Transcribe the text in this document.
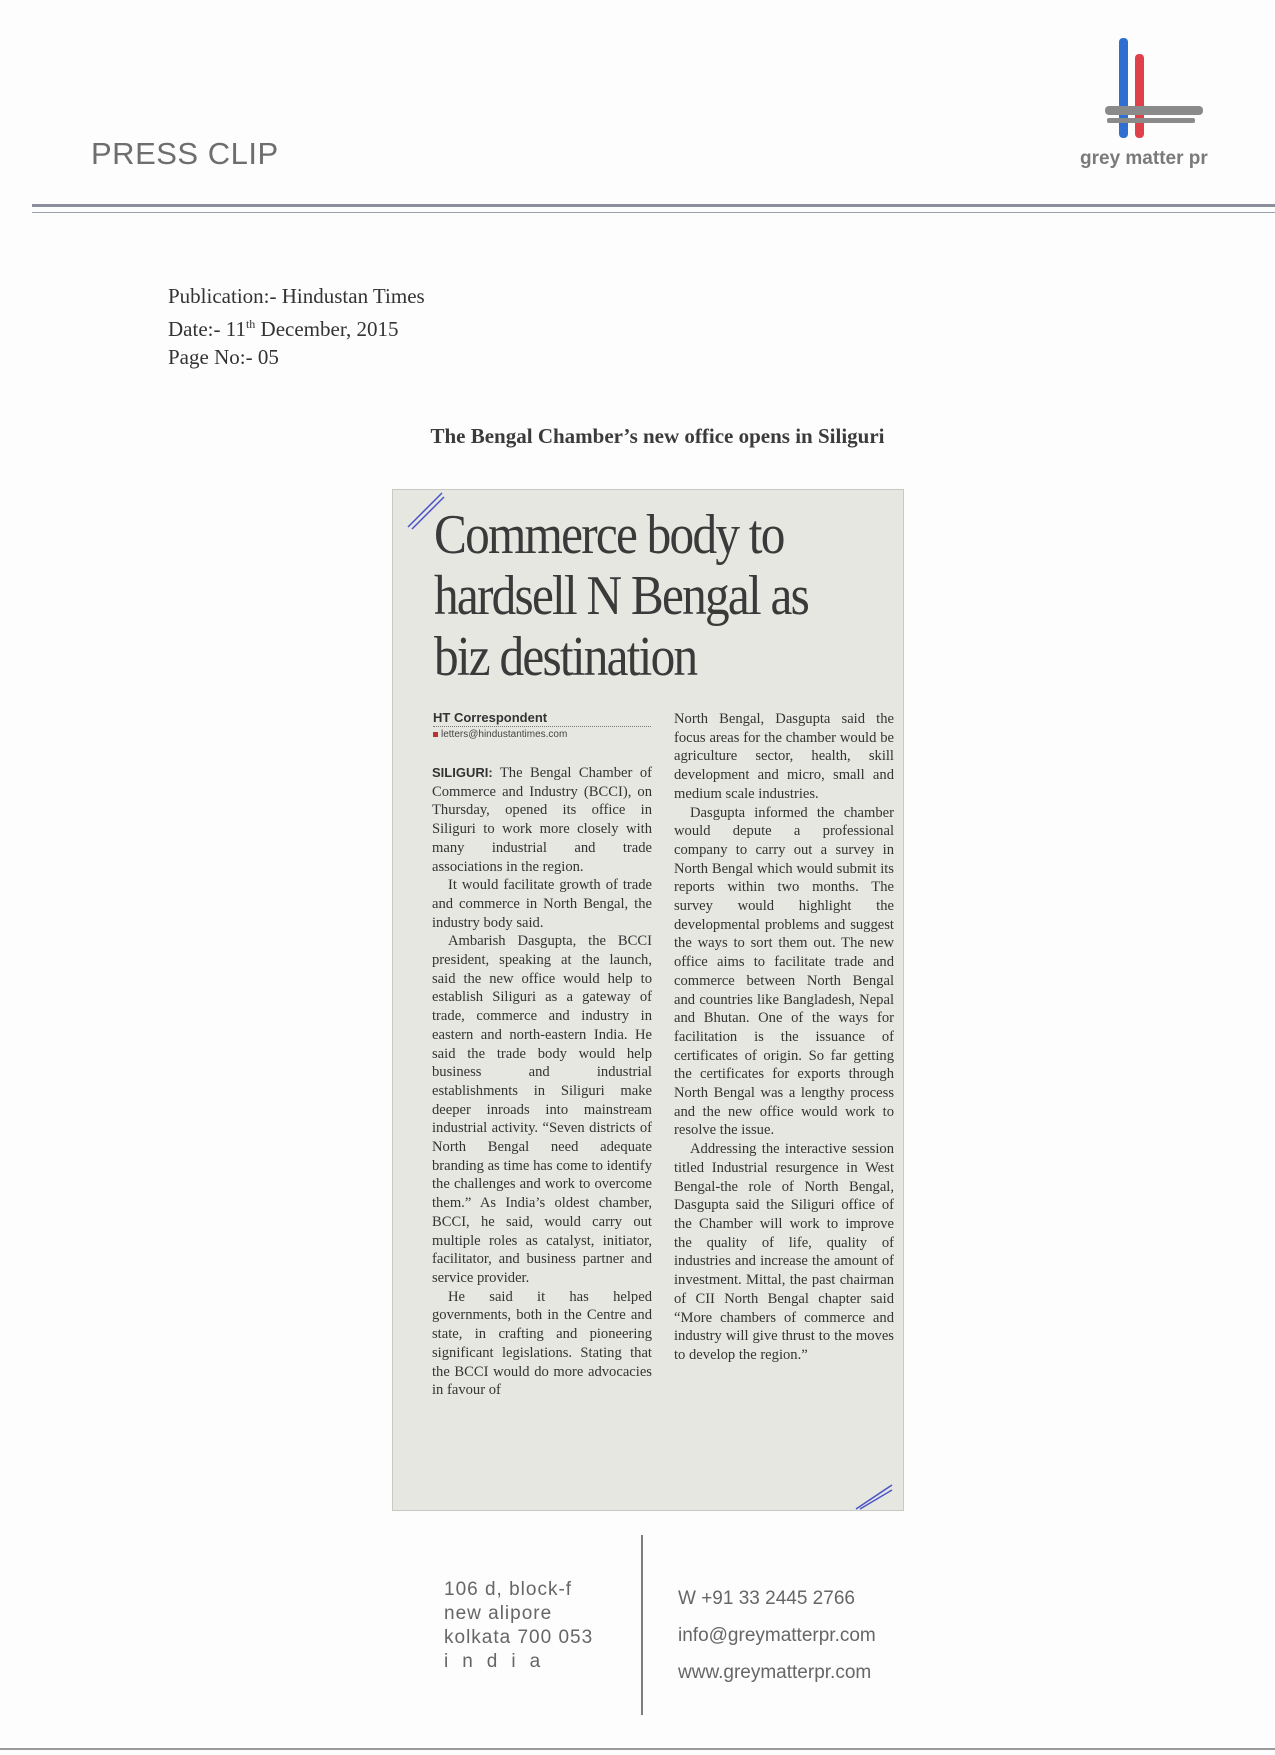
PRESS CLIP	grey matter pr
Publication:- Hindustan Times
Date:- 11th December, 2015
Page No:- 05
The Bengal Chamber’s new office opens in Siliguri
Commerce body to hardsell N Bengal as biz destination
HT Correspondent
letters@hindustantimes.com

SILIGURI: The Bengal Chamber of Commerce and Industry (BCCI), on Thursday, opened its office in Siliguri to work more closely with many industrial and trade associations in the region.

It would facilitate growth of trade and commerce in North Bengal, the industry body said.

Ambarish Dasgupta, the BCCI president, speaking at the launch, said the new office would help to establish Siliguri as a gateway of trade, commerce and industry in eastern and north-eastern India. He said the trade body would help business and industrial establishments in Siliguri make deeper inroads into mainstream industrial activity. “Seven districts of North Bengal need adequate branding as time has come to identify the challenges and work to overcome them.” As India’s oldest chamber, BCCI, he said, would carry out multiple roles as catalyst, initiator, facilitator, and business partner and service provider.

He said it has helped governments, both in the Centre and state, in crafting and pioneering significant legislations. Stating that the BCCI would do more advocacies in favour of

North Bengal, Dasgupta said the focus areas for the chamber would be agriculture sector, health, skill development and micro, small and medium scale industries.

Dasgupta informed the chamber would depute a professional company to carry out a survey in North Bengal which would submit its reports within two months. The survey would highlight the developmental problems and suggest the ways to sort them out. The new office aims to facilitate trade and commerce between North Bengal and countries like Bangladesh, Nepal and Bhutan. One of the ways for facilitation is the issuance of certificates of origin. So far getting the certificates for exports through North Bengal was a lengthy process and the new office would work to resolve the issue.

Addressing the interactive session titled Industrial resurgence in West Bengal-the role of North Bengal, Dasgupta said the Siliguri office of the Chamber will work to improve the quality of life, quality of industries and increase the amount of investment. Mittal, the past chairman of CII North Bengal chapter said “More chambers of commerce and industry will give thrust to the moves to develop the region.”

106 d, block-f
new alipore
kolkata 700 053
india
W +91 33 2445 2766
info@greymatterpr.com
www.greymatterpr.com
